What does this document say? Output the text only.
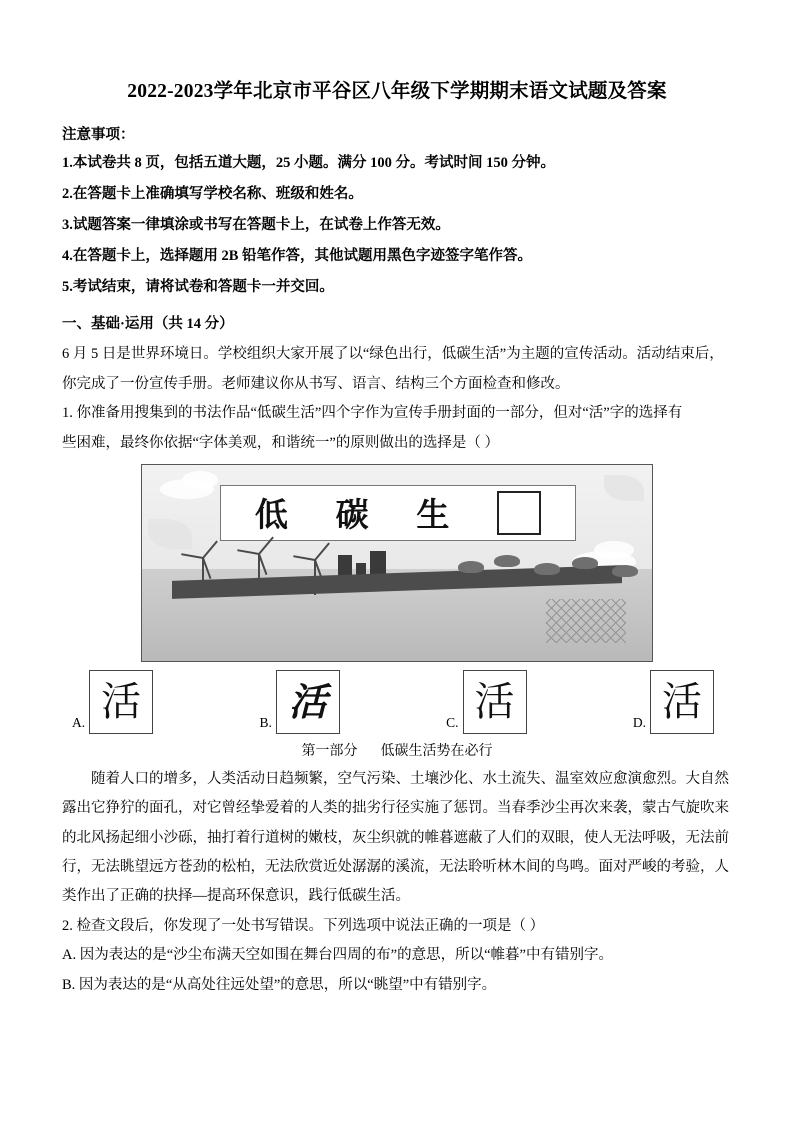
2022-2023学年北京市平谷区八年级下学期期末语文试题及答案
注意事项：
1.本试卷共 8 页，包括五道大题，25 小题。满分 100 分。考试时间 150 分钟。
2.在答题卡上准确填写学校名称、班级和姓名。
3.试题答案一律填涂或书写在答题卡上，在试卷上作答无效。
4.在答题卡上，选择题用 2B 铅笔作答，其他试题用黑色字迹签字笔作答。
5.考试结束，请将试卷和答题卡一并交回。
一、基础·运用（共 14 分）

6 月 5 日是世界环境日。学校组织大家开展了以“绿色出行，低碳生活”为主题的宣传活动。活动结束后，

你完成了一份宣传手册。老师建议你从书写、语言、结构三个方面检查和修改。

1. 你准备用搜集到的书法作品“低碳生活”四个字作为宣传手册封面的一部分，但对“活”字的选择有

些困难，最终你依据“字体美观，和谐统一”的原则做出的选择是（ ）

低 碳 生
A. 活	B. 活	C. 活	D. 活
第一部分 低碳生活势在必行

随着人口的增多，人类活动日趋频繁，空气污染、土壤沙化、水土流失、温室效应愈演愈烈。大自然

露出它狰狞的面孔，对它曾经挚爱着的人类的拙劣行径实施了惩罚。当春季沙尘再次来袭，蒙古气旋吹来

的北风扬起细小沙砾，抽打着行道树的嫩枝，灰尘织就的帷暮遮蔽了人们的双眼，使人无法呼吸，无法前

行，无法眺望远方苍劲的松柏，无法欣赏近处潺潺的溪流，无法聆听林木间的鸟鸣。面对严峻的考验，人

类作出了正确的抉择—提高环保意识，践行低碳生活。

2. 检查文段后，你发现了一处书写错误。下列选项中说法正确的一项是（ ）

A. 因为表达的是“沙尘布满天空如围在舞台四周的布”的意思，所以“帷暮”中有错别字。

B. 因为表达的是“从高处往远处望”的意思，所以“眺望”中有错别字。
